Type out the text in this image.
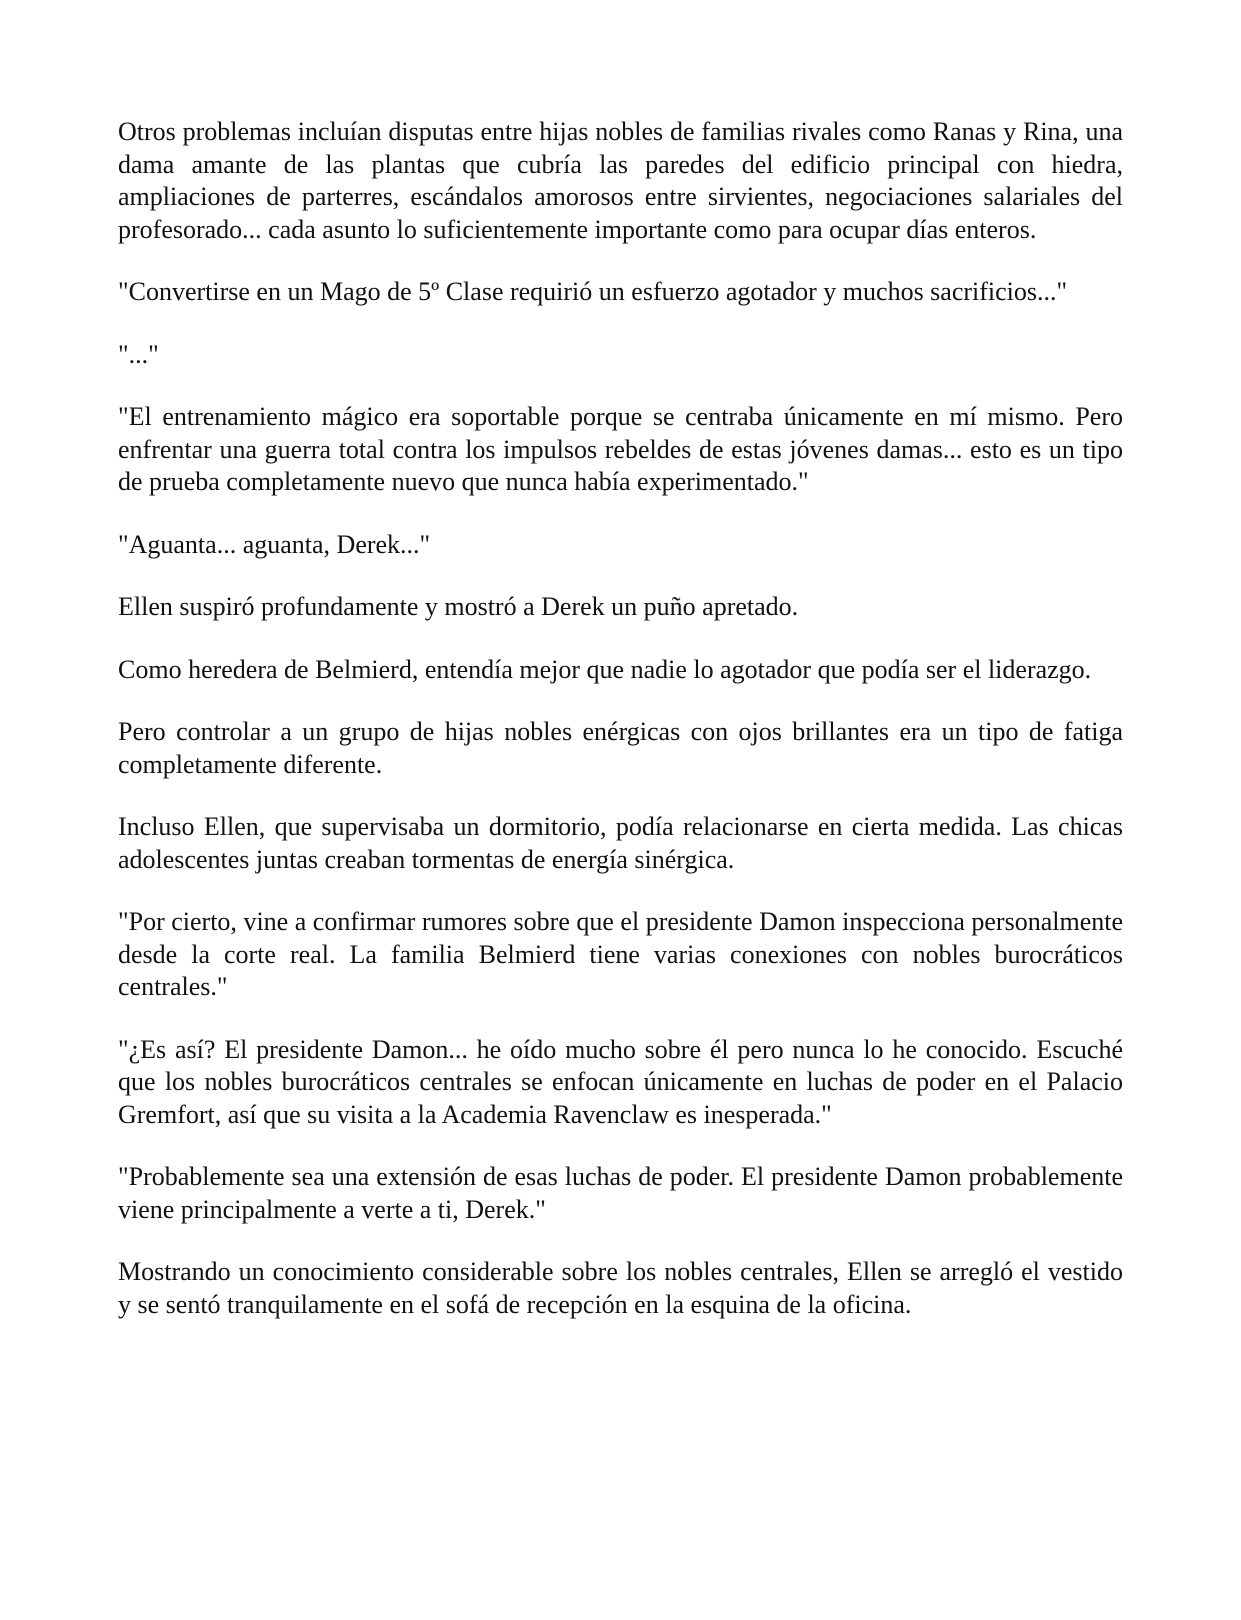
Otros problemas incluían disputas entre hijas nobles de familias rivales como Ranas y Rina, una dama amante de las plantas que cubría las paredes del edificio principal con hiedra, ampliaciones de parterres, escándalos amorosos entre sirvientes, negociaciones salariales del profesorado... cada asunto lo suficientemente importante como para ocupar días enteros.

"Convertirse en un Mago de 5º Clase requirió un esfuerzo agotador y muchos sacrificios..."

"..."

"El entrenamiento mágico era soportable porque se centraba únicamente en mí mismo. Pero enfrentar una guerra total contra los impulsos rebeldes de estas jóvenes damas... esto es un tipo de prueba completamente nuevo que nunca había experimentado."

"Aguanta... aguanta, Derek..."

Ellen suspiró profundamente y mostró a Derek un puño apretado.

Como heredera de Belmierd, entendía mejor que nadie lo agotador que podía ser el liderazgo.

Pero controlar a un grupo de hijas nobles enérgicas con ojos brillantes era un tipo de fatiga completamente diferente.

Incluso Ellen, que supervisaba un dormitorio, podía relacionarse en cierta medida. Las chicas adolescentes juntas creaban tormentas de energía sinérgica.

"Por cierto, vine a confirmar rumores sobre que el presidente Damon inspecciona personalmente desde la corte real. La familia Belmierd tiene varias conexiones con nobles burocráticos centrales."

"¿Es así? El presidente Damon... he oído mucho sobre él pero nunca lo he conocido. Escuché que los nobles burocráticos centrales se enfocan únicamente en luchas de poder en el Palacio Gremfort, así que su visita a la Academia Ravenclaw es inesperada."

"Probablemente sea una extensión de esas luchas de poder. El presidente Damon probablemente viene principalmente a verte a ti, Derek."

Mostrando un conocimiento considerable sobre los nobles centrales, Ellen se arregló el vestido y se sentó tranquilamente en el sofá de recepción en la esquina de la oficina.
